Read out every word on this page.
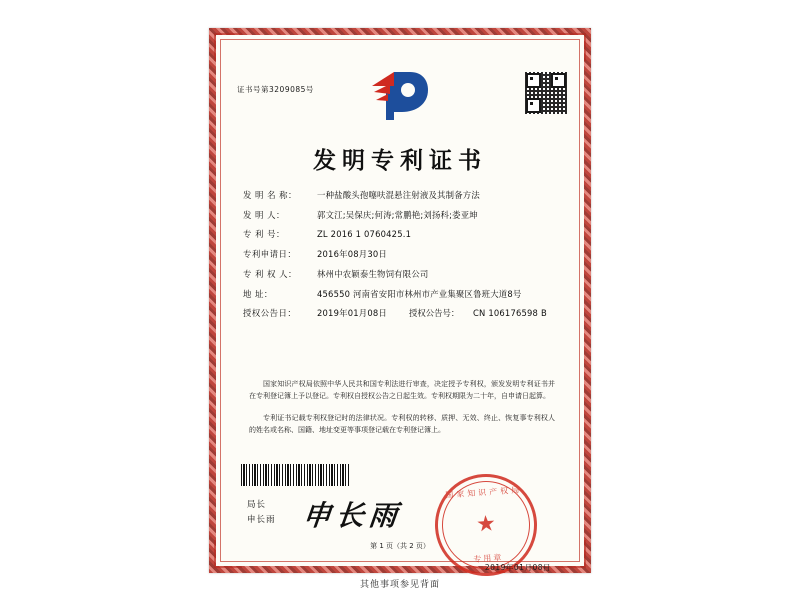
证书号第3209085号
发明专利证书
发 明 名 称：	一种盐酸头孢噻呋混悬注射液及其制备方法
发 明 人：	郭文江;吴保庆;何涛;常鹏艳;刘扬科;娄亚坤
专 利 号：	ZL 2016 1 0760425.1
专利申请日：	2016年08月30日
专 利 权 人：	林州中农颖泰生物饲有限公司
地 址：	456550 河南省安阳市林州市产业集聚区鲁班大道8号
授权公告日：	2019年01月08日	授权公告号：	CN 106176598 B

国家知识产权局依照中华人民共和国专利法进行审查，决定授予专利权，颁发发明专利证书并在专利登记簿上予以登记。专利权自授权公告之日起生效。专利权期限为二十年，自申请日起算。

专利证书记载专利权登记时的法律状况。专利权的转移、质押、无效、终止、恢复事专利权人的姓名或名称、国籍、地址变更等事项登记载在专利登记簿上。

局长
申长雨 申长雨
国家知识产权局
★
专用章
2019年01月08日
第 1 页（共 2 页）
其他事项参见背面
